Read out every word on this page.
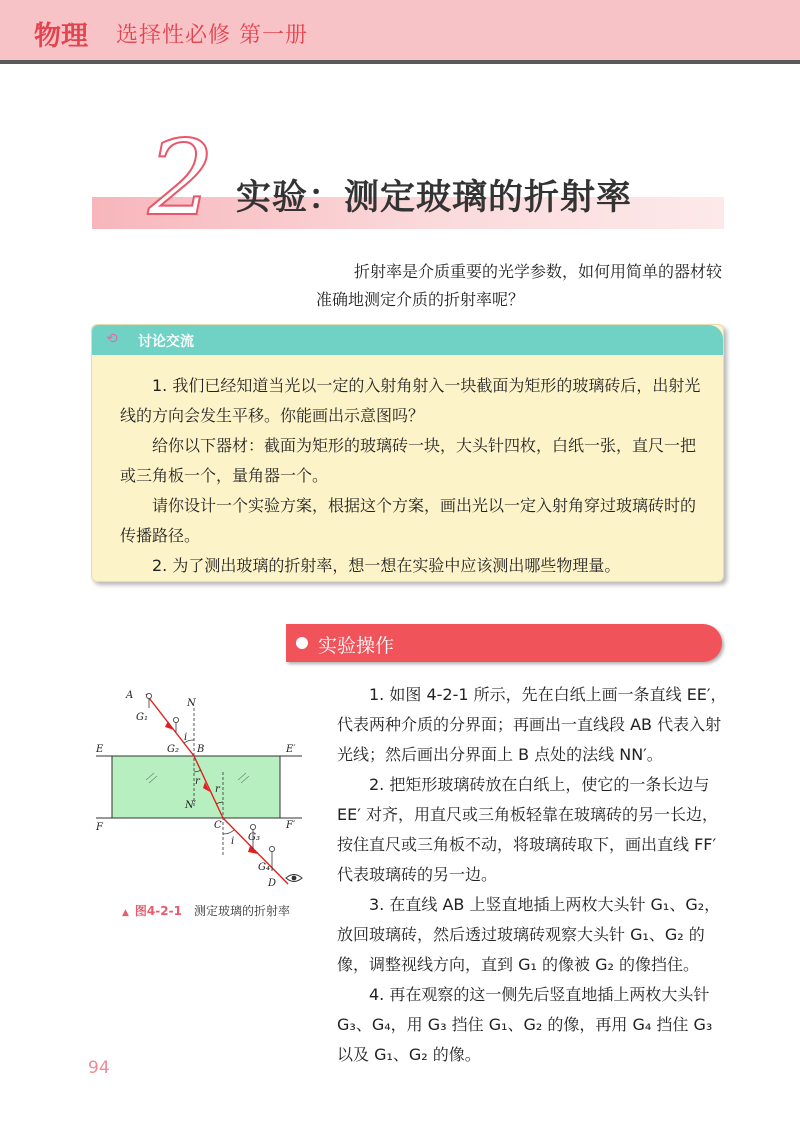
物理 选择性必修 第一册
2 实验：测定玻璃的折射率

折射率是介质重要的光学参数，如何用简单的器材较

准确地测定介质的折射率呢？

⟲ 讨论交流

1. 我们已经知道当光以一定的入射角射入一块截面为矩形的玻璃砖后，出射光线的方向会发生平移。你能画出示意图吗？

给你以下器材：截面为矩形的玻璃砖一块，大头针四枚，白纸一张，直尺一把或三角板一个，量角器一个。

请你设计一个实验方案，根据这个方案，画出光以一定入射角穿过玻璃砖时的传播路径。

2. 为了测出玻璃的折射率，想一想在实验中应该测出哪些物理量。

实验操作
A
G₁
N
i
E	G₂ B	E′
r
r
N′
F	C	F′
G₃
i
G₄
D
▲ 图4-2-1 测定玻璃的折射率

1. 如图 4-2-1 所示，先在白纸上画一条直线 EE′，代表两种介质的分界面；再画出一直线段 AB 代表入射光线；然后画出分界面上 B 点处的法线 NN′。

2. 把矩形玻璃砖放在白纸上，使它的一条长边与 EE′ 对齐，用直尺或三角板轻靠在玻璃砖的另一长边，按住直尺或三角板不动，将玻璃砖取下，画出直线 FF′ 代表玻璃砖的另一边。

3. 在直线 AB 上竖直地插上两枚大头针 G₁、G₂，放回玻璃砖，然后透过玻璃砖观察大头针 G₁、G₂ 的像，调整视线方向，直到 G₁ 的像被 G₂ 的像挡住。

4. 再在观察的这一侧先后竖直地插上两枚大头针 G₃、G₄，用 G₃ 挡住 G₁、G₂ 的像，再用 G₄ 挡住 G₃ 以及 G₁、G₂ 的像。

94
